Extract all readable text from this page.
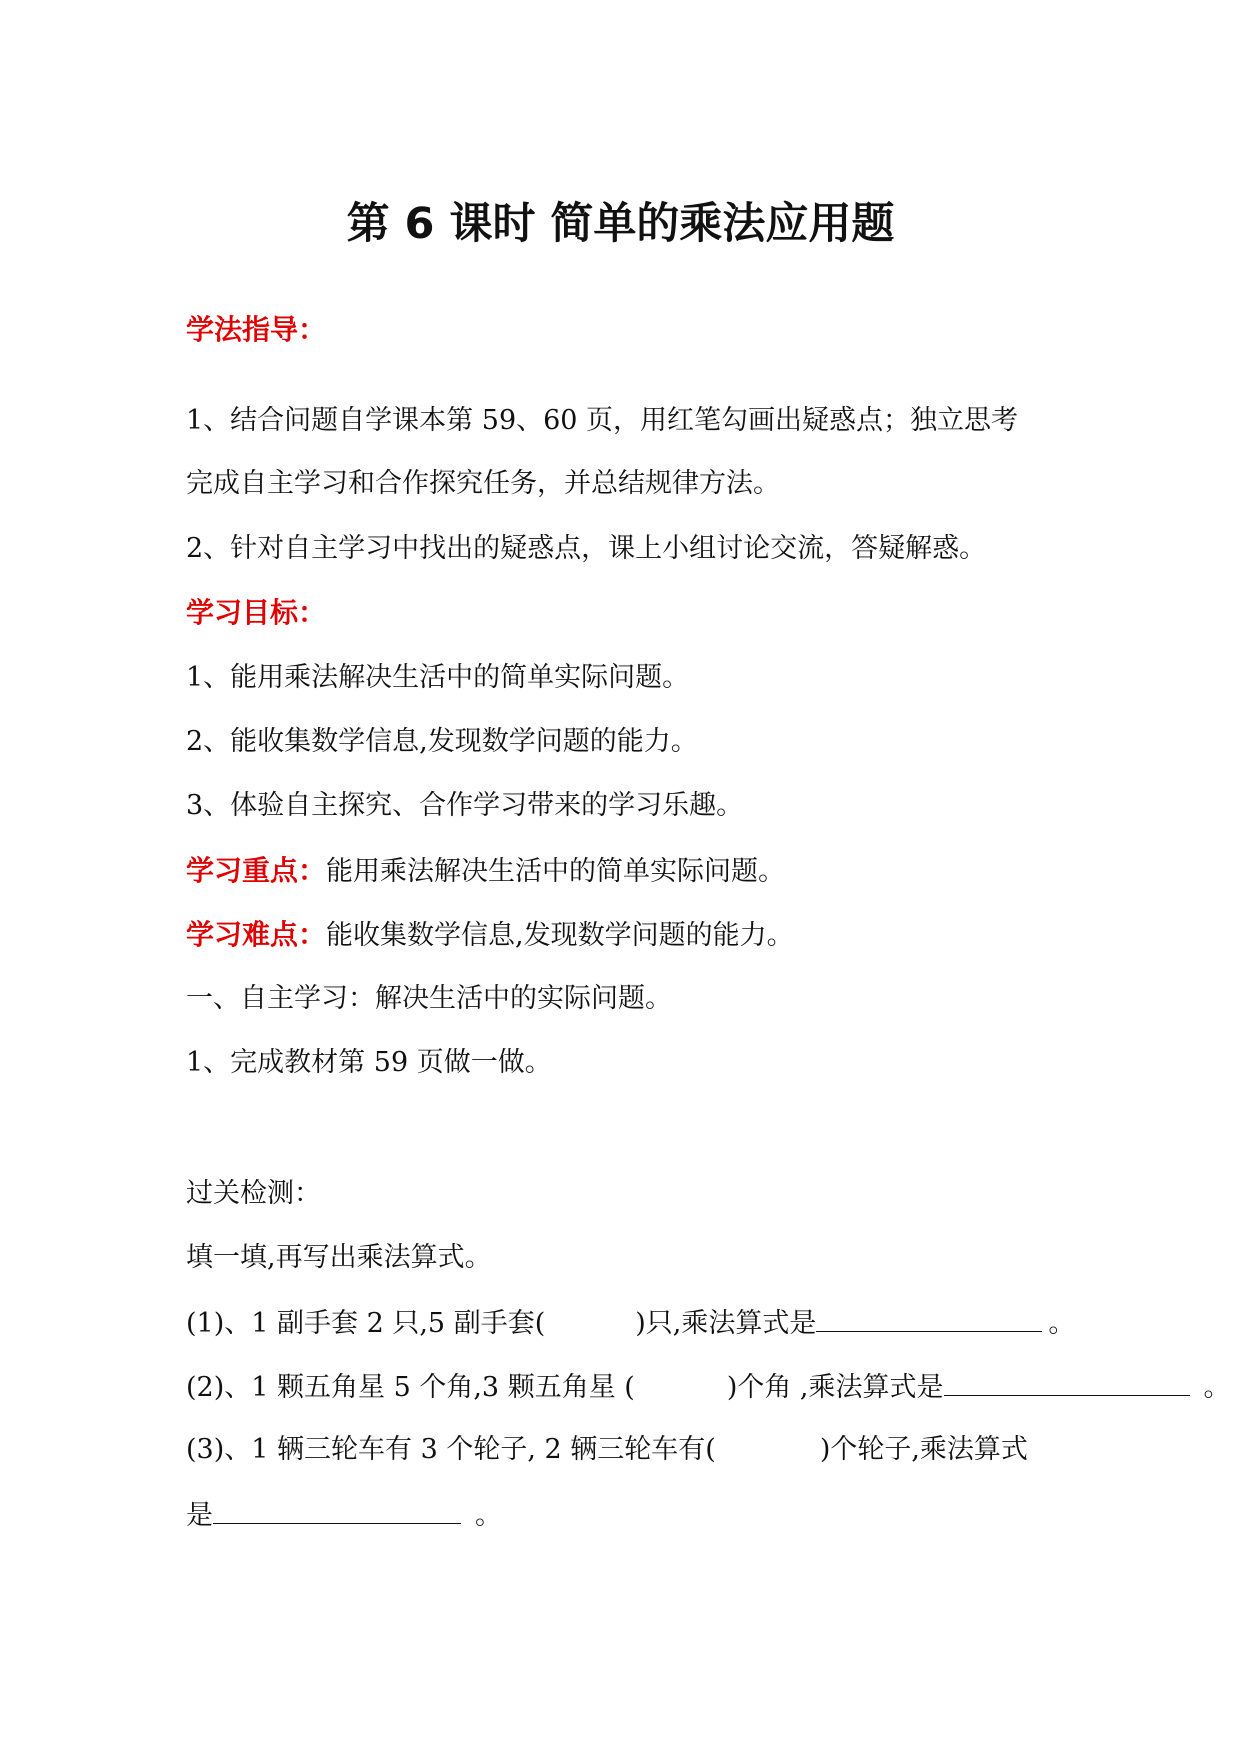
第 6 课时 简单的乘法应用题
学法指导：
1、结合问题自学课本第 59、60 页，用红笔勾画出疑惑点；独立思考
完成自主学习和合作探究任务，并总结规律方法。
2、针对自主学习中找出的疑惑点，课上小组讨论交流，答疑解惑。
学习目标：
1、能用乘法解决生活中的简单实际问题。
2、能收集数学信息,发现数学问题的能力。
3、体验自主探究、合作学习带来的学习乐趣。
学习重点：能用乘法解决生活中的简单实际问题。
学习难点：能收集数学信息,发现数学问题的能力。
一、自主学习：解决生活中的实际问题。
1、完成教材第 59 页做一做。
过关检测：
填一填,再写出乘法算式。
(1)、1 副手套 2 只,5 副手套(	)只,乘法算式是	。
(2)、1 颗五角星 5 个角,3 颗五角星 (	)个角 ,乘法算式是	。
(3)、1 辆三轮车有 3 个轮子, 2 辆三轮车有(	)个轮子,乘法算式
是	。
